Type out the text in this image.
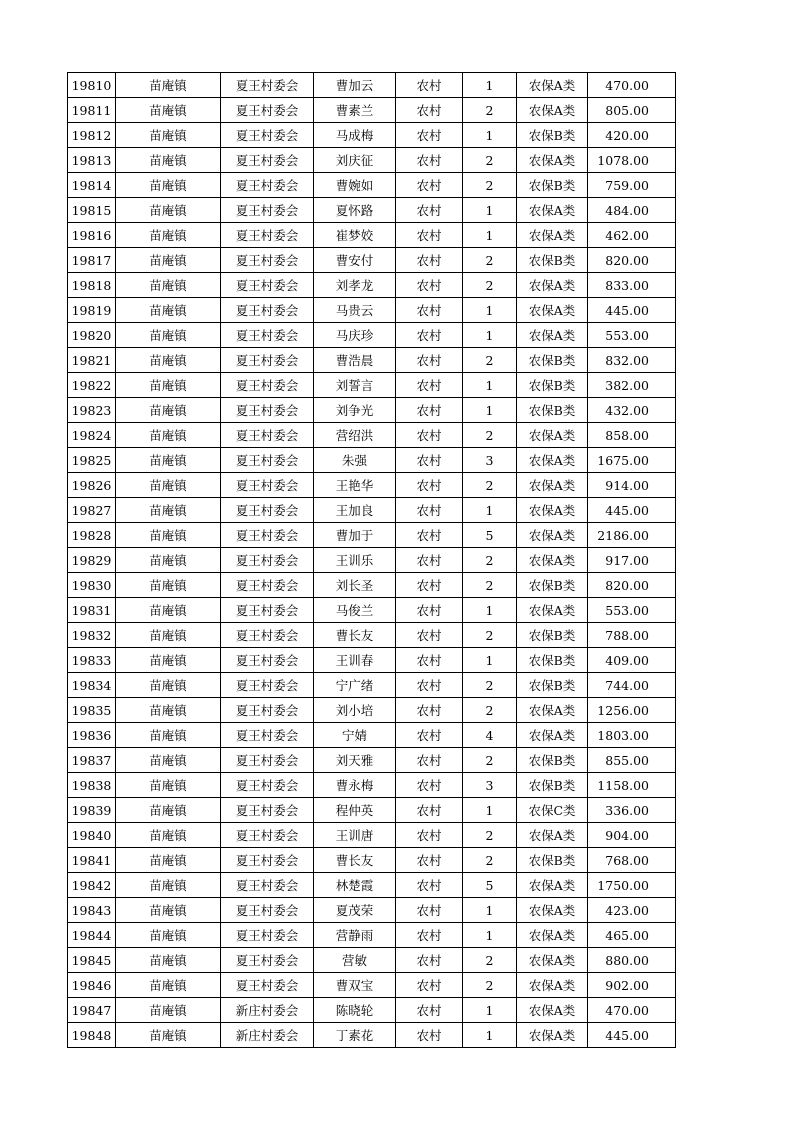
19810	苗庵镇	夏王村委会	曹加云	农村	1	农保A类	470.00
19811	苗庵镇	夏王村委会	曹素兰	农村	2	农保A类	805.00
19812	苗庵镇	夏王村委会	马成梅	农村	1	农保B类	420.00
19813	苗庵镇	夏王村委会	刘庆征	农村	2	农保A类	1078.00
19814	苗庵镇	夏王村委会	曹婉如	农村	2	农保B类	759.00
19815	苗庵镇	夏王村委会	夏怀路	农村	1	农保A类	484.00
19816	苗庵镇	夏王村委会	崔梦姣	农村	1	农保A类	462.00
19817	苗庵镇	夏王村委会	曹安付	农村	2	农保B类	820.00
19818	苗庵镇	夏王村委会	刘孝龙	农村	2	农保A类	833.00
19819	苗庵镇	夏王村委会	马贵云	农村	1	农保A类	445.00
19820	苗庵镇	夏王村委会	马庆珍	农村	1	农保A类	553.00
19821	苗庵镇	夏王村委会	曹浩晨	农村	2	农保B类	832.00
19822	苗庵镇	夏王村委会	刘誓言	农村	1	农保B类	382.00
19823	苗庵镇	夏王村委会	刘争光	农村	1	农保B类	432.00
19824	苗庵镇	夏王村委会	营绍洪	农村	2	农保A类	858.00
19825	苗庵镇	夏王村委会	朱强	农村	3	农保A类	1675.00
19826	苗庵镇	夏王村委会	王艳华	农村	2	农保A类	914.00
19827	苗庵镇	夏王村委会	王加良	农村	1	农保A类	445.00
19828	苗庵镇	夏王村委会	曹加于	农村	5	农保A类	2186.00
19829	苗庵镇	夏王村委会	王训乐	农村	2	农保A类	917.00
19830	苗庵镇	夏王村委会	刘长圣	农村	2	农保B类	820.00
19831	苗庵镇	夏王村委会	马俊兰	农村	1	农保A类	553.00
19832	苗庵镇	夏王村委会	曹长友	农村	2	农保B类	788.00
19833	苗庵镇	夏王村委会	王训春	农村	1	农保B类	409.00
19834	苗庵镇	夏王村委会	宁广绪	农村	2	农保B类	744.00
19835	苗庵镇	夏王村委会	刘小培	农村	2	农保A类	1256.00
19836	苗庵镇	夏王村委会	宁婧	农村	4	农保A类	1803.00
19837	苗庵镇	夏王村委会	刘天雅	农村	2	农保B类	855.00
19838	苗庵镇	夏王村委会	曹永梅	农村	3	农保B类	1158.00
19839	苗庵镇	夏王村委会	程仲英	农村	1	农保C类	336.00
19840	苗庵镇	夏王村委会	王训唐	农村	2	农保A类	904.00
19841	苗庵镇	夏王村委会	曹长友	农村	2	农保B类	768.00
19842	苗庵镇	夏王村委会	林楚霞	农村	5	农保A类	1750.00
19843	苗庵镇	夏王村委会	夏茂荣	农村	1	农保A类	423.00
19844	苗庵镇	夏王村委会	营静雨	农村	1	农保A类	465.00
19845	苗庵镇	夏王村委会	营敏	农村	2	农保A类	880.00
19846	苗庵镇	夏王村委会	曹双宝	农村	2	农保A类	902.00
19847	苗庵镇	新庄村委会	陈晓轮	农村	1	农保A类	470.00
19848	苗庵镇	新庄村委会	丁素花	农村	1	农保A类	445.00
